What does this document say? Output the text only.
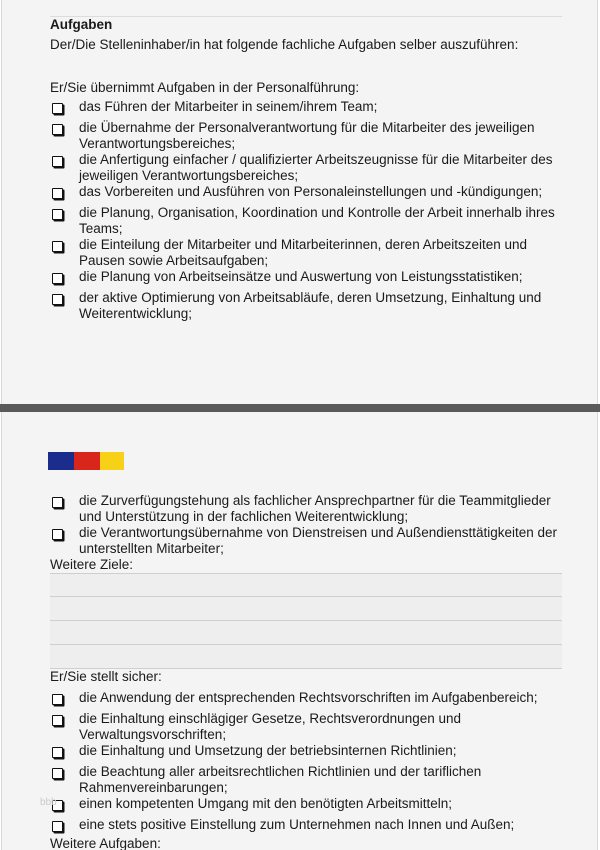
Aufgaben
Der/Die Stelleninhaber/in hat folgende fachliche Aufgaben selber auszuführen:
Er/Sie übernimmt Aufgaben in der Personalführung:
das Führen der Mitarbeiter in seinem/ihrem Team;
die Übernahme der Personalverantwortung für die Mitarbeiter des jeweiligen Verantwortungsbereiches;
die Anfertigung einfacher / qualifizierter Arbeitszeugnisse für die Mitarbeiter des jeweiligen Verantwortungsbereiches;
das Vorbereiten und Ausführen von Personaleinstellungen und -kündigungen;
die Planung, Organisation, Koordination und Kontrolle der Arbeit innerhalb ihres Teams;
die Einteilung der Mitarbeiter und Mitarbeiterinnen, deren Arbeitszeiten und Pausen sowie Arbeitsaufgaben;
die Planung von Arbeitseinsätze und Auswertung von Leistungsstatistiken;
der aktive Optimierung von Arbeitsabläufe, deren Umsetzung, Einhaltung und Weiterentwicklung;
die Zurverfügungstehung als fachlicher Ansprechpartner für die Teammitglieder und Unterstützung in der fachlichen Weiterentwicklung;
die Verantwortungsübernahme von Dienstreisen und Außendiensttätigkeiten der unterstellten Mitarbeiter;
Weitere Ziele:
Er/Sie stellt sicher:
die Anwendung der entsprechenden Rechtsvorschriften im Aufgabenbereich;
die Einhaltung einschlägiger Gesetze, Rechtsverordnungen und Verwaltungsvorschriften;
die Einhaltung und Umsetzung der betriebsinternen Richtlinien;
die Beachtung aller arbeitsrechtlichen Richtlinien und der tariflichen Rahmenvereinbarungen;
einen kompetenten Umgang mit den benötigten Arbeitsmitteln;
eine stets positive Einstellung zum Unternehmen nach Innen und Außen;
bbb
Weitere Aufgaben:
